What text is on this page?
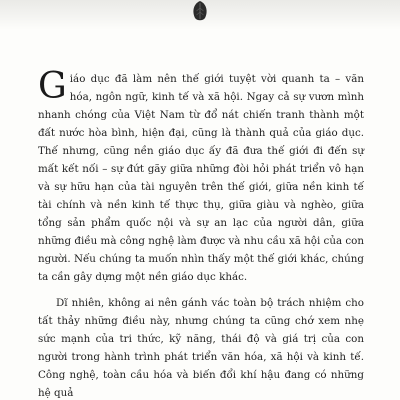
Giáo dục đã làm nên thế giới tuyệt vời quanh ta – văn hóa, ngôn ngữ, kinh tế và xã hội. Ngay cả sự vươn mình nhanh chóng của Việt Nam từ đổ nát chiến tranh thành một đất nước hòa bình, hiện đại, cũng là thành quả của giáo dục. Thế nhưng, cũng nền giáo dục ấy đã đưa thế giới đi đến sự mất kết nối – sự đứt gãy giữa những đòi hỏi phát triển vô hạn và sự hữu hạn của tài nguyên trên thế giới, giữa nền kinh tế tài chính và nền kinh tế thực thụ, giữa giàu và nghèo, giữa tổng sản phẩm quốc nội và sự an lạc của người dân, giữa những điều mà công nghệ làm được và nhu cầu xã hội của con người. Nếu chúng ta muốn nhìn thấy một thế giới khác, chúng ta cần gây dựng một nền giáo dục khác.

Dĩ nhiên, không ai nên gánh vác toàn bộ trách nhiệm cho tất thảy những điều này, nhưng chúng ta cũng chớ xem nhẹ sức mạnh của tri thức, kỹ năng, thái độ và giá trị của con người trong hành trình phát triển văn hóa, xã hội và kinh tế. Công nghệ, toàn cầu hóa và biến đổi khí hậu đang có những hệ quả
